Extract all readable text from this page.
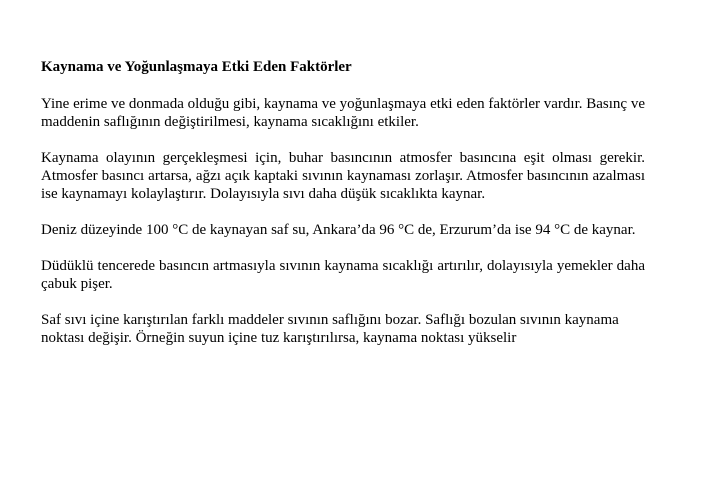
Kaynama ve Yoğunlaşmaya Etki Eden Faktörler

Yine erime ve donmada olduğu gibi, kaynama ve yoğunlaşmaya etki eden faktörler vardır. Basınç ve maddenin saflığının değiştirilmesi, kaynama sıcaklığını etkiler.

Kaynama olayının gerçekleşmesi için, buhar basıncının atmosfer basıncına eşit olması gerekir. Atmosfer basıncı artarsa, ağzı açık kaptaki sıvının kaynaması zorlaşır. Atmosfer basıncının azalması ise kaynamayı kolaylaştırır. Dolayısıyla sıvı daha düşük sıcaklıkta kaynar.

Deniz düzeyinde 100 °C de kaynayan saf su, Ankara’da 96 °C de, Erzurum’da ise 94 °C de kaynar.

Düdüklü tencerede basıncın artmasıyla sıvının kaynama sıcaklığı artırılır, dolayısıyla yemekler daha çabuk pişer.

Saf sıvı içine karıştırılan farklı maddeler sıvının saflığını bozar. Saflığı bozulan sıvının kaynama noktası değişir. Örneğin suyun içine tuz karıştırılırsa, kaynama noktası yükselir
